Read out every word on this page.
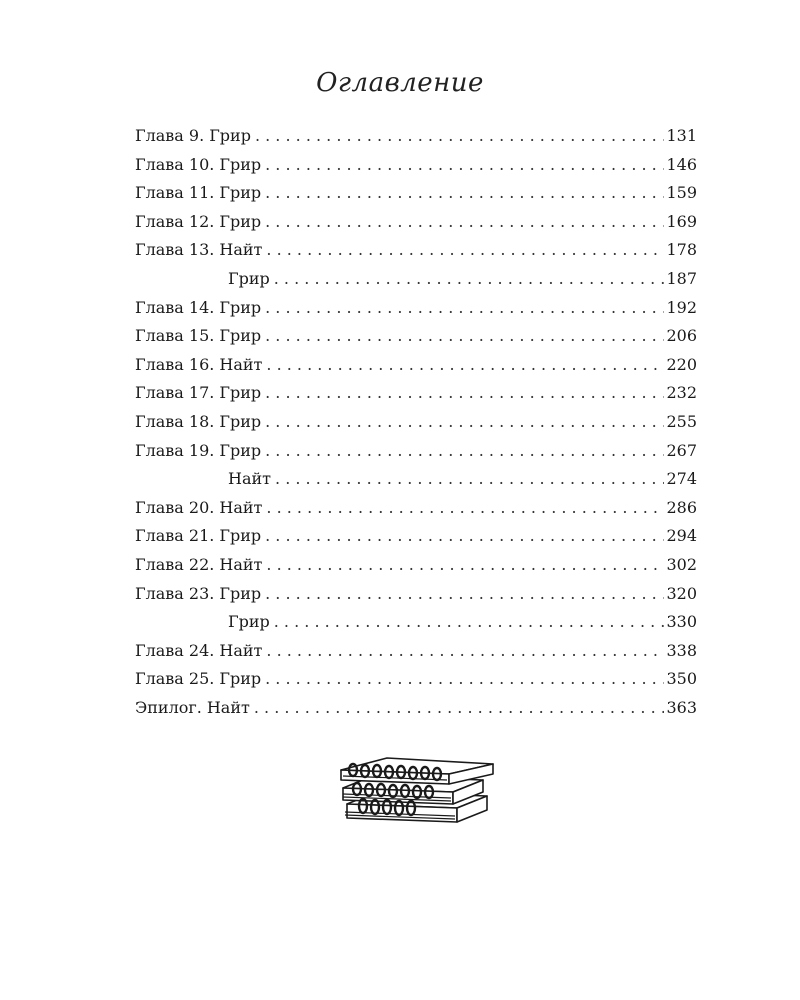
Оглавление
Глава 9. Грир . . .	131
Глава 10. Грир . . .	146
Глава 11. Грир . . .	159
Глава 12. Грир . . .	169
Глава 13. Найт . . .	178
Грир . . .	187
Глава 14. Грир . . .	192
Глава 15. Грир . . .	206
Глава 16. Найт . . .	220
Глава 17. Грир . . .	232
Глава 18. Грир . . .	255
Глава 19. Грир . . .	267
Найт . . .	274
Глава 20. Найт . . .	286
Глава 21. Грир . . .	294
Глава 22. Найт . . .	302
Глава 23. Грир . . .	320
Грир . . .	330
Глава 24. Найт . . .	338
Глава 25. Грир . . .	350
Эпилог. Найт . . .	363
